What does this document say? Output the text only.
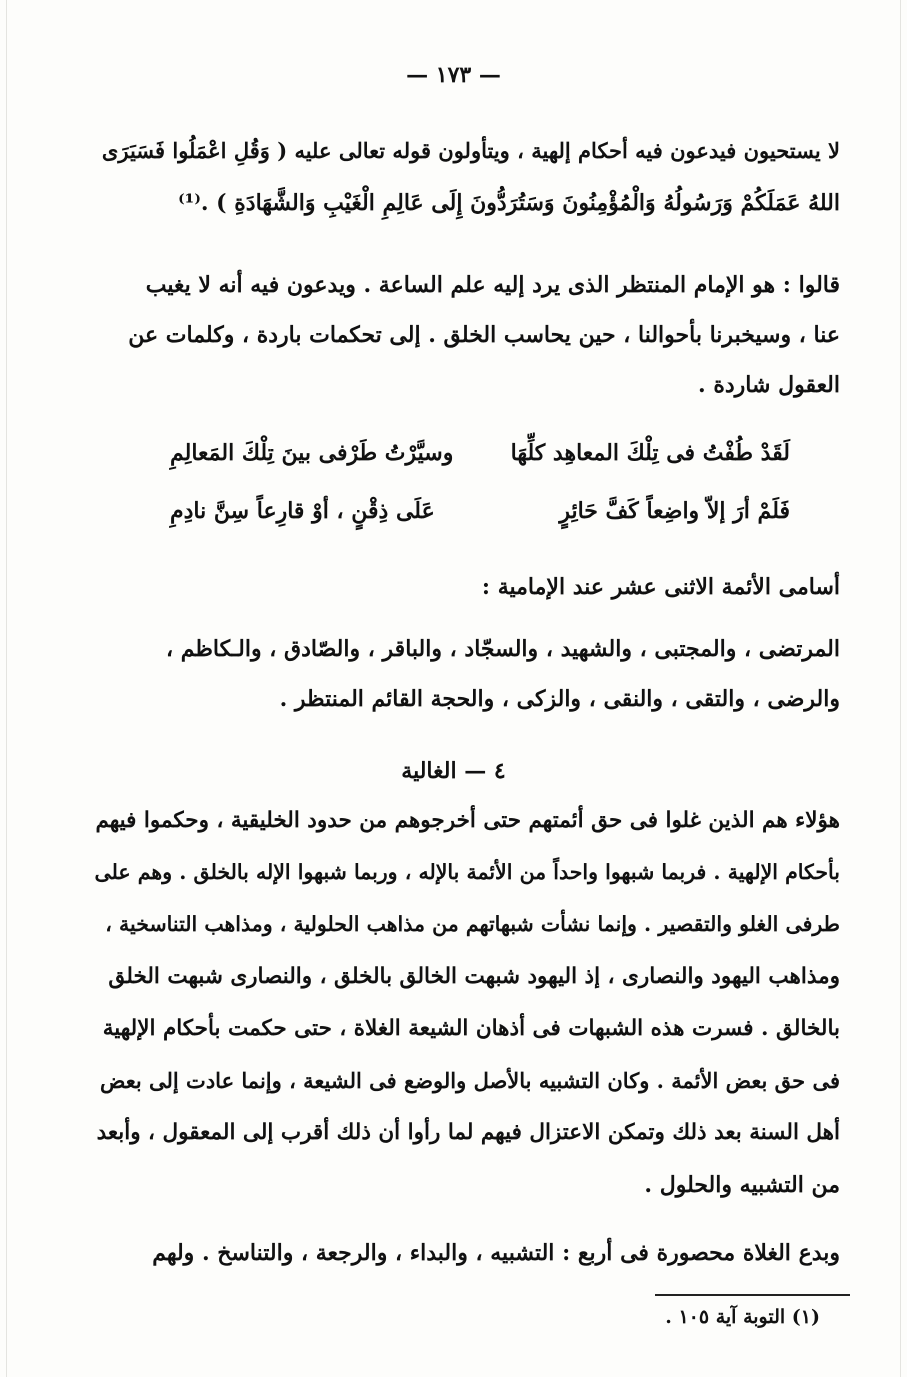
— ١٧٣ —
لا يستحيون فيدعون فيه أحكام إلهية ، ويتأولون قوله تعالى عليه ( وَقُلِ اعْمَلُوا فَسَيَرَى
اللهُ عَمَلَكُمْ وَرَسُولُهُ وَالْمُؤْمِنُونَ وَسَتُرَدُّونَ إِلَى عَالِمِ الْغَيْبِ وَالشَّهَادَةِ ) .⁽¹⁾
قالوا : هو الإمام المنتظر الذى يرد إليه علم الساعة . ويدعون فيه أنه لا يغيب
عنا ، وسيخبرنا بأحوالنا ، حين يحاسب الخلق . إلى تحكمات باردة ، وكلمات عن
العقول شاردة .
لَقَدْ طُفْتُ فى تِلْكَ المعاهِد كلِّهَا
وسيَّرْتُ طَرْفى بينَ تِلْكَ المَعالِمِ
فَلَمْ أرَ إلاّ واضِعاً كَفَّ حَائِرٍ
عَلَى ذِقْنٍ ، أوْ قارِعاً سِنَّ نادِمِ
أسامى الأئمة الاثنى عشر عند الإمامية :
المرتضى ، والمجتبى ، والشهيد ، والسجّاد ، والباقر ، والصّادق ، والـكاظم ،
والرضى ، والتقى ، والنقى ، والزكى ، والحجة القائم المنتظر .
٤ — الغالية
هؤلاء هم الذين غلوا فى حق أئمتهم حتى أخرجوهم من حدود الخليقية ، وحكموا فيهم
بأحكام الإلهية . فربما شبهوا واحداً من الأئمة بالإله ، وربما شبهوا الإله بالخلق . وهم على
طرفى الغلو والتقصير . وإنما نشأت شبهاتهم من مذاهب الحلولية ، ومذاهب التناسخية ،
ومذاهب اليهود والنصارى ، إذ اليهود شبهت الخالق بالخلق ، والنصارى شبهت الخلق
بالخالق . فسرت هذه الشبهات فى أذهان الشيعة الغلاة ، حتى حكمت بأحكام الإلهية
فى حق بعض الأئمة . وكان التشبيه بالأصل والوضع فى الشيعة ، وإنما عادت إلى بعض
أهل السنة بعد ذلك وتمكن الاعتزال فيهم لما رأوا أن ذلك أقرب إلى المعقول ، وأبعد
من التشبيه والحلول .
وبدع الغلاة محصورة فى أربع : التشبيه ، والبداء ، والرجعة ، والتناسخ . ولهم
(١) التوبة آية ١٠٥ .
